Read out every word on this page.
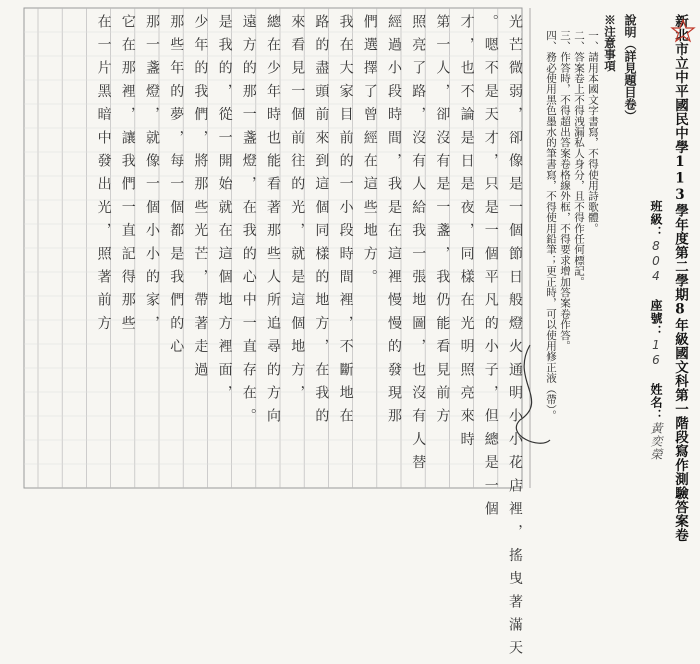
光芒微弱，卻像是一個節日般燈火通明小小花店裡，搖曳著滿天
。嗯不是天才，只是一個平凡的小子，但總是一個
才，也不論是日是夜，同樣在光明照亮來時
第一人，卻沒有是一盞，我仍能看見前方
照亮了路，沒有人給我一張地圖，也沒有人替
經過小段時間，我是在這裡慢慢的發現那
們選擇了曾經在這些地方。
我在大家目前的一小段時間裡，不斷地在
路的盡頭前來到這個同樣的地方，在我的
來看見一個前往的光，就是這個地方，
總在少年時也能看著那些人所追尋的方向
遠方的那一盞燈，在我的心中一直存在。
是我的，從一開始就在這個地方裡面，
少年的我們，將那些光芒，帶著走過
那些年的夢，每一個都是我們的心
那一盞燈，就像一個小小的家，
它在那裡，讓我們一直記得那些
在一片黑暗中發出光，照著前方	新北市立中平國民中學113學年度第二學期8年級國文科第一階段寫作測驗答案卷
班級：804 座號：16 姓名：黃奕榮
說明（詳見題目卷）
※注意事項
一、請用本國文字書寫，不得使用詩歌體。
二、答案卷上不得洩漏私人身分，且不得作任何標記。
三、作答時，不得超出答案卷格線外框，不得要求增加答案卷作答。
四、務必使用黑色墨水的筆書寫，不得使用鉛筆；更正時，可以使用修正液（帶）。
